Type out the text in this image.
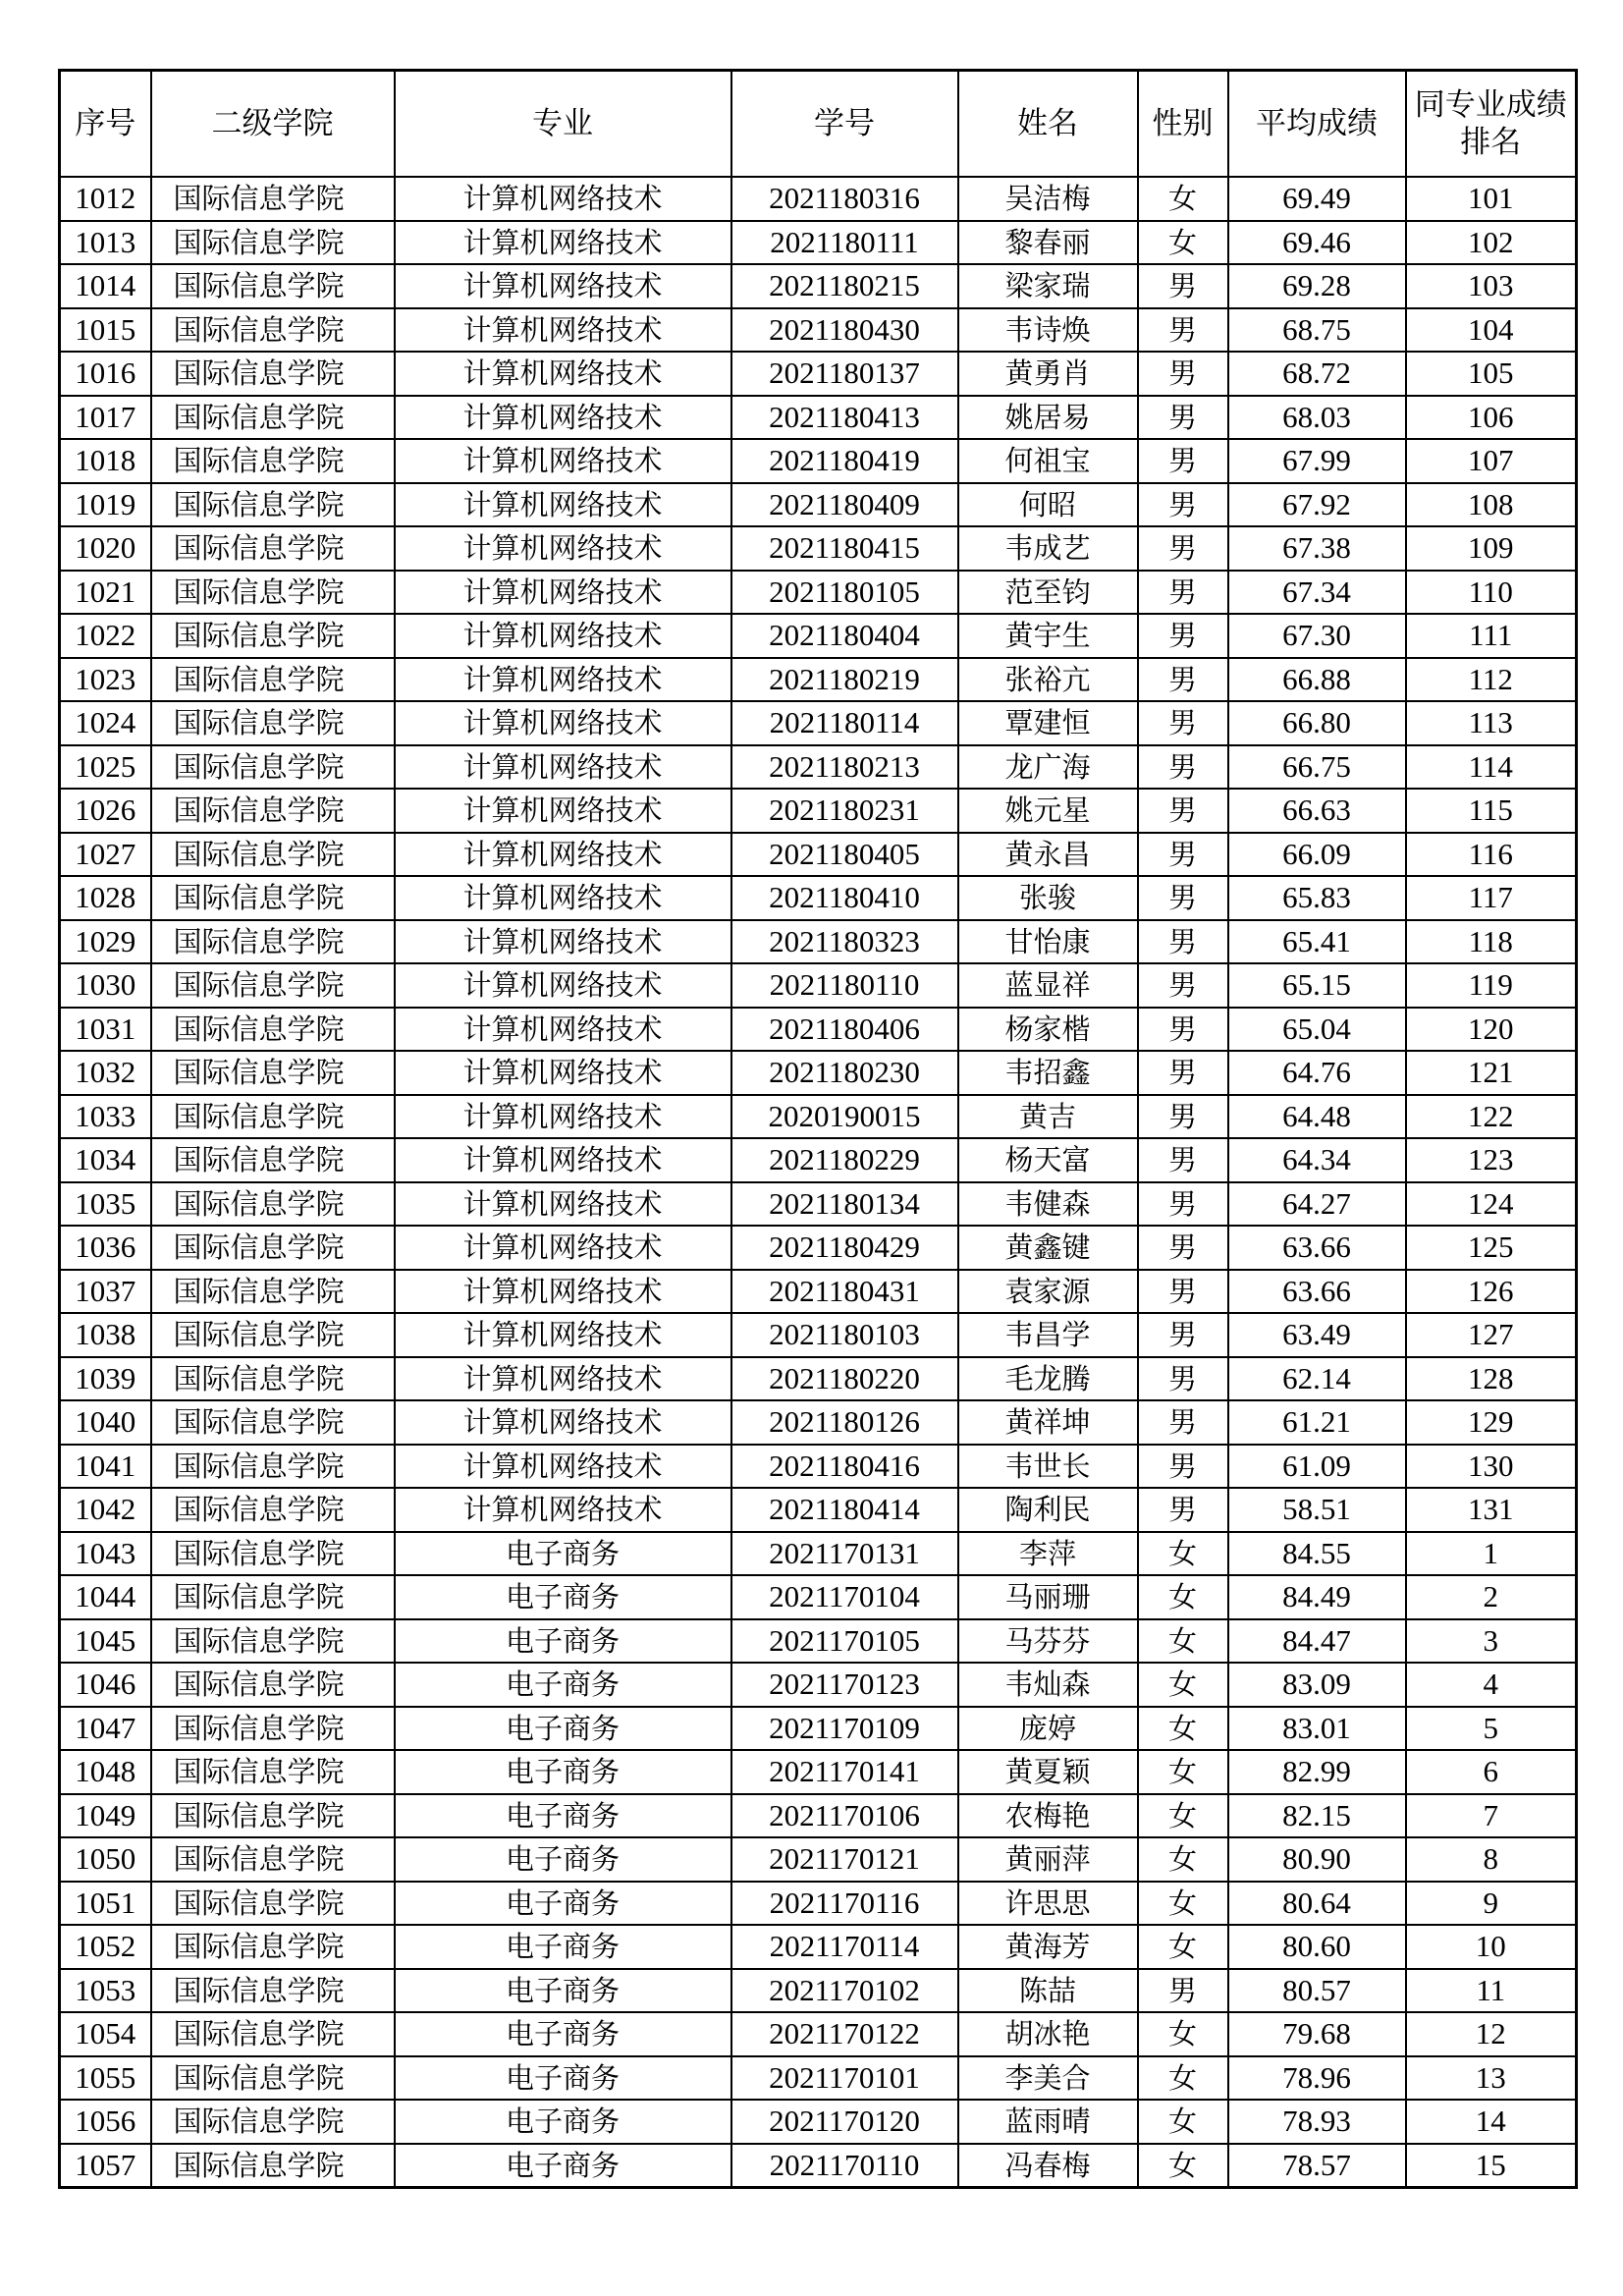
序号	二级学院	专业	学号	姓名	性别	平均成绩	同专业成绩排名
1012	国际信息学院	计算机网络技术	2021180316	吴洁梅	女	69.49	101
1013	国际信息学院	计算机网络技术	2021180111	黎春丽	女	69.46	102
1014	国际信息学院	计算机网络技术	2021180215	梁家瑞	男	69.28	103
1015	国际信息学院	计算机网络技术	2021180430	韦诗焕	男	68.75	104
1016	国际信息学院	计算机网络技术	2021180137	黄勇肖	男	68.72	105
1017	国际信息学院	计算机网络技术	2021180413	姚居易	男	68.03	106
1018	国际信息学院	计算机网络技术	2021180419	何祖宝	男	67.99	107
1019	国际信息学院	计算机网络技术	2021180409	何昭	男	67.92	108
1020	国际信息学院	计算机网络技术	2021180415	韦成艺	男	67.38	109
1021	国际信息学院	计算机网络技术	2021180105	范至钧	男	67.34	110
1022	国际信息学院	计算机网络技术	2021180404	黄宇生	男	67.30	111
1023	国际信息学院	计算机网络技术	2021180219	张裕亢	男	66.88	112
1024	国际信息学院	计算机网络技术	2021180114	覃建恒	男	66.80	113
1025	国际信息学院	计算机网络技术	2021180213	龙广海	男	66.75	114
1026	国际信息学院	计算机网络技术	2021180231	姚元星	男	66.63	115
1027	国际信息学院	计算机网络技术	2021180405	黄永昌	男	66.09	116
1028	国际信息学院	计算机网络技术	2021180410	张骏	男	65.83	117
1029	国际信息学院	计算机网络技术	2021180323	甘怡康	男	65.41	118
1030	国际信息学院	计算机网络技术	2021180110	蓝显祥	男	65.15	119
1031	国际信息学院	计算机网络技术	2021180406	杨家楷	男	65.04	120
1032	国际信息学院	计算机网络技术	2021180230	韦招鑫	男	64.76	121
1033	国际信息学院	计算机网络技术	2020190015	黄吉	男	64.48	122
1034	国际信息学院	计算机网络技术	2021180229	杨天富	男	64.34	123
1035	国际信息学院	计算机网络技术	2021180134	韦健森	男	64.27	124
1036	国际信息学院	计算机网络技术	2021180429	黄鑫键	男	63.66	125
1037	国际信息学院	计算机网络技术	2021180431	袁家源	男	63.66	126
1038	国际信息学院	计算机网络技术	2021180103	韦昌学	男	63.49	127
1039	国际信息学院	计算机网络技术	2021180220	毛龙腾	男	62.14	128
1040	国际信息学院	计算机网络技术	2021180126	黄祥坤	男	61.21	129
1041	国际信息学院	计算机网络技术	2021180416	韦世长	男	61.09	130
1042	国际信息学院	计算机网络技术	2021180414	陶利民	男	58.51	131
1043	国际信息学院	电子商务	2021170131	李萍	女	84.55	1
1044	国际信息学院	电子商务	2021170104	马丽珊	女	84.49	2
1045	国际信息学院	电子商务	2021170105	马芬芬	女	84.47	3
1046	国际信息学院	电子商务	2021170123	韦灿森	女	83.09	4
1047	国际信息学院	电子商务	2021170109	庞婷	女	83.01	5
1048	国际信息学院	电子商务	2021170141	黄夏颖	女	82.99	6
1049	国际信息学院	电子商务	2021170106	农梅艳	女	82.15	7
1050	国际信息学院	电子商务	2021170121	黄丽萍	女	80.90	8
1051	国际信息学院	电子商务	2021170116	许思思	女	80.64	9
1052	国际信息学院	电子商务	2021170114	黄海芳	女	80.60	10
1053	国际信息学院	电子商务	2021170102	陈喆	男	80.57	11
1054	国际信息学院	电子商务	2021170122	胡冰艳	女	79.68	12
1055	国际信息学院	电子商务	2021170101	李美合	女	78.96	13
1056	国际信息学院	电子商务	2021170120	蓝雨晴	女	78.93	14
1057	国际信息学院	电子商务	2021170110	冯春梅	女	78.57	15
